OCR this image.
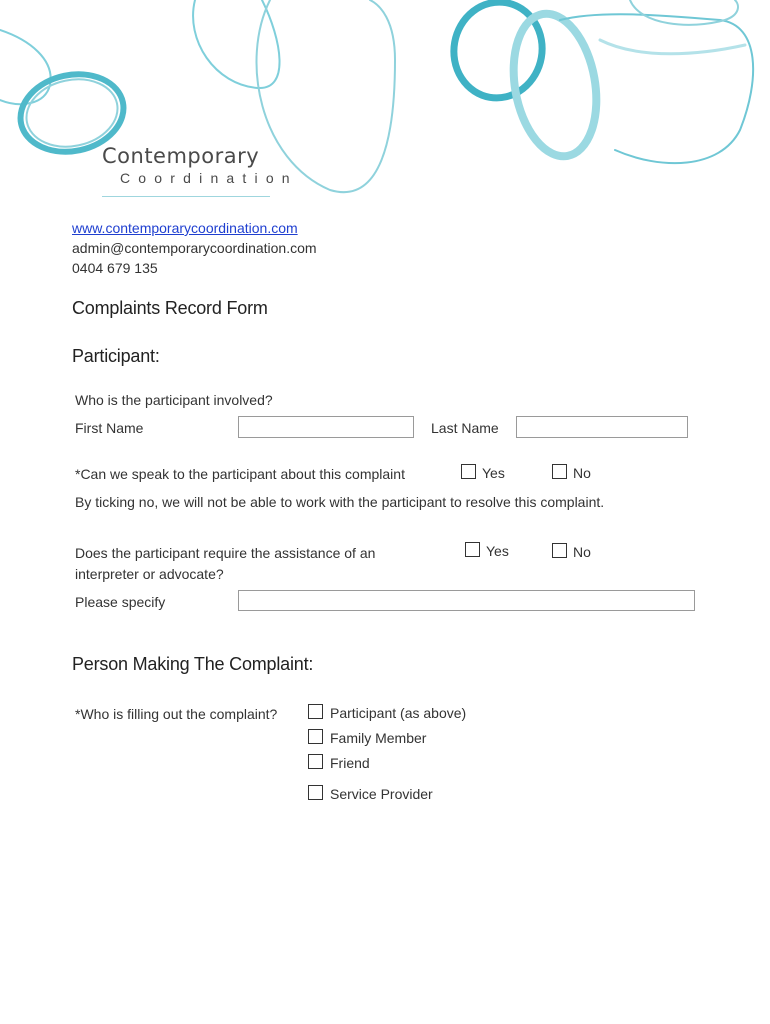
Contemporary
Coordination
www.contemporarycoordination.com
admin@contemporarycoordination.com
0404 679 135
Complaints Record Form
Participant:
Who is the participant involved?
First Name	Last Name
*Can we speak to the participant about this complaint	Yes	No
By ticking no, we will not be able to work with the participant to resolve this complaint.
Does the participant require the assistance of an
interpreter or advocate?
Yes	No
Please specify
Person Making The Complaint:
*Who is filling out the complaint?	Participant (as above)
Family Member
Friend
Service Provider
